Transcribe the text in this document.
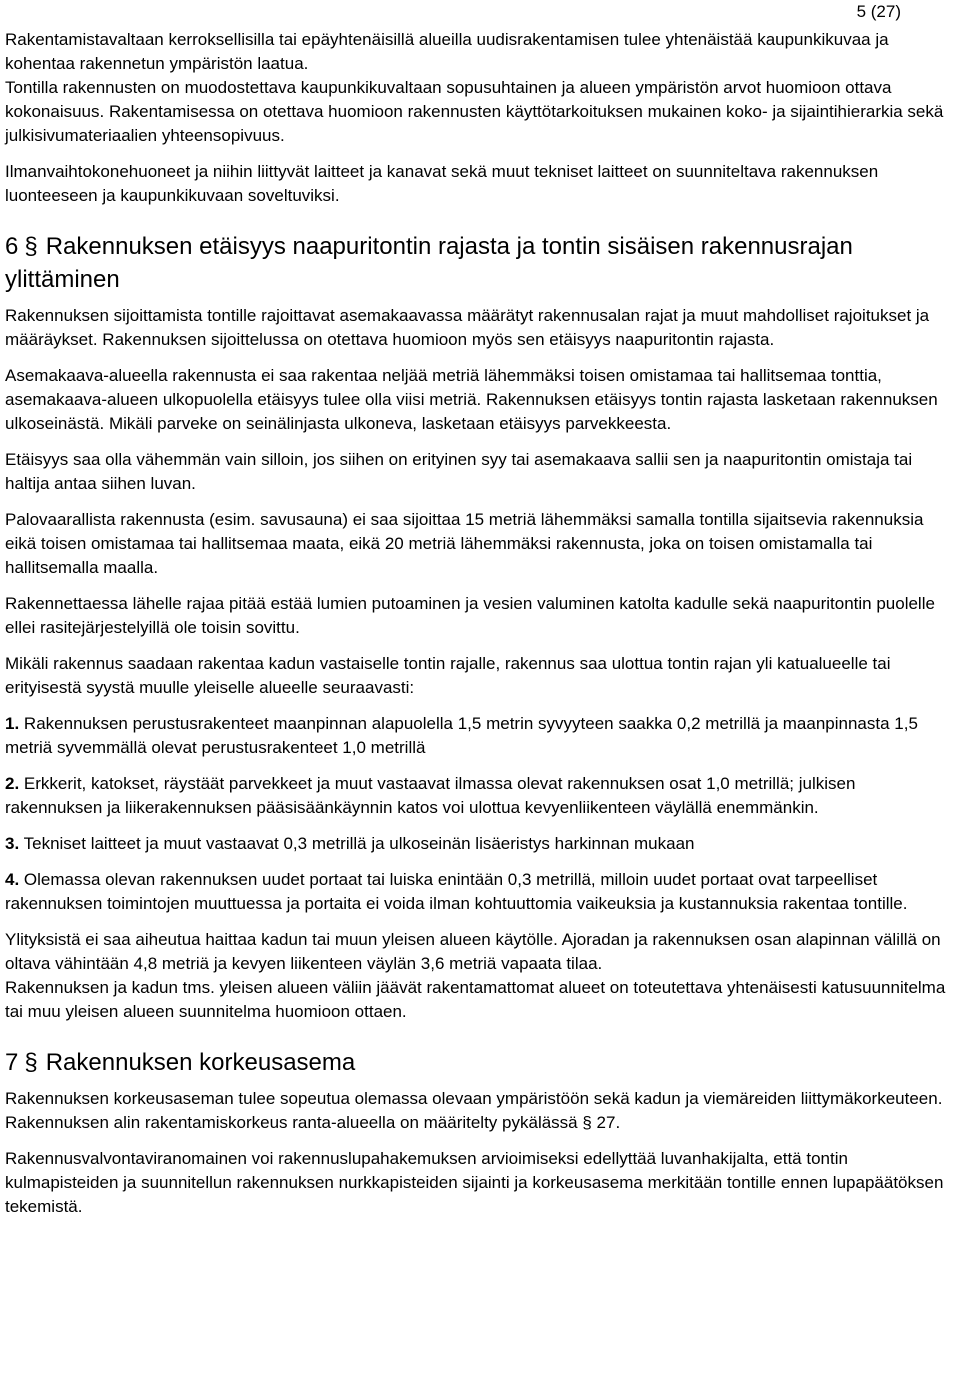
5 (27)

Rakentamistavaltaan kerroksellisilla tai epäyhtenäisillä alueilla uudisrakentamisen tulee yhtenäistää kaupunkikuvaa ja kohentaa rakennetun ympäristön laatua.

Tontilla rakennusten on muodostettava kaupunkikuvaltaan sopusuhtainen ja alueen ympäristön arvot huomioon ottava kokonaisuus. Rakentamisessa on otettava huomioon rakennusten käyttötarkoituksen mukainen koko- ja sijaintihierarkia sekä julkisivumateriaalien yhteensopivuus.

Ilmanvaihtokonehuoneet ja niihin liittyvät laitteet ja kanavat sekä muut tekniset laitteet on suunniteltava rakennuksen luonteeseen ja kaupunkikuvaan soveltuviksi.

6 § Rakennuksen etäisyys naapuritontin rajasta ja tontin sisäisen rakennusrajan ylittäminen

Rakennuksen sijoittamista tontille rajoittavat asemakaavassa määrätyt rakennusalan rajat ja muut mahdolliset rajoitukset ja määräykset. Rakennuksen sijoittelussa on otettava huomioon myös sen etäisyys naapuritontin rajasta.

Asemakaava-alueella rakennusta ei saa rakentaa neljää metriä lähemmäksi toisen omistamaa tai hallitsemaa tonttia, asemakaava-alueen ulkopuolella etäisyys tulee olla viisi metriä. Rakennuksen etäisyys tontin rajasta lasketaan rakennuksen ulkoseinästä. Mikäli parveke on seinälinjasta ulkoneva, lasketaan etäisyys parvekkeesta.

Etäisyys saa olla vähemmän vain silloin, jos siihen on erityinen syy tai asemakaava sallii sen ja naapuritontin omistaja tai haltija antaa siihen luvan.

Palovaarallista rakennusta (esim. savusauna) ei saa sijoittaa 15 metriä lähemmäksi samalla tontilla sijaitsevia rakennuksia eikä toisen omistamaa tai hallitsemaa maata, eikä 20 metriä lähemmäksi rakennusta, joka on toisen omistamalla tai hallitsemalla maalla.

Rakennettaessa lähelle rajaa pitää estää lumien putoaminen ja vesien valuminen katolta kadulle sekä naapuritontin puolelle ellei rasitejärjestelyillä ole toisin sovittu.

Mikäli rakennus saadaan rakentaa kadun vastaiselle tontin rajalle, rakennus saa ulottua tontin rajan yli katualueelle tai erityisestä syystä muulle yleiselle alueelle seuraavasti:

1. Rakennuksen perustusrakenteet maanpinnan alapuolella 1,5 metrin syvyyteen saakka 0,2 metrillä ja maanpinnasta 1,5 metriä syvemmällä olevat perustusrakenteet 1,0 metrillä

2. Erkkerit, katokset, räystäät parvekkeet ja muut vastaavat ilmassa olevat rakennuksen osat 1,0 metrillä; julkisen rakennuksen ja liikerakennuksen pääsisäänkäynnin katos voi ulottua kevyenliikenteen väylällä enemmänkin.

3. Tekniset laitteet ja muut vastaavat 0,3 metrillä ja ulkoseinän lisäeristys harkinnan mukaan

4. Olemassa olevan rakennuksen uudet portaat tai luiska enintään 0,3 metrillä, milloin uudet portaat ovat tarpeelliset rakennuksen toimintojen muuttuessa ja portaita ei voida ilman kohtuuttomia vaikeuksia ja kustannuksia rakentaa tontille.

Ylityksistä ei saa aiheutua haittaa kadun tai muun yleisen alueen käytölle. Ajoradan ja rakennuksen osan alapinnan välillä on oltava vähintään 4,8 metriä ja kevyen liikenteen väylän 3,6 metriä vapaata tilaa.

Rakennuksen ja kadun tms. yleisen alueen väliin jäävät rakentamattomat alueet on toteutettava yhtenäisesti katusuunnitelma tai muu yleisen alueen suunnitelma huomioon ottaen.

7 § Rakennuksen korkeusasema

Rakennuksen korkeusaseman tulee sopeutua olemassa olevaan ympäristöön sekä kadun ja viemäreiden liittymäkorkeuteen. Rakennuksen alin rakentamiskorkeus ranta-alueella on määritelty pykälässä § 27.

Rakennusvalvontaviranomainen voi rakennuslupahakemuksen arvioimiseksi edellyttää luvanhakijalta, että tontin kulmapisteiden ja suunnitellun rakennuksen nurkkapisteiden sijainti ja korkeusasema merkitään tontille ennen lupapäätöksen tekemistä.
